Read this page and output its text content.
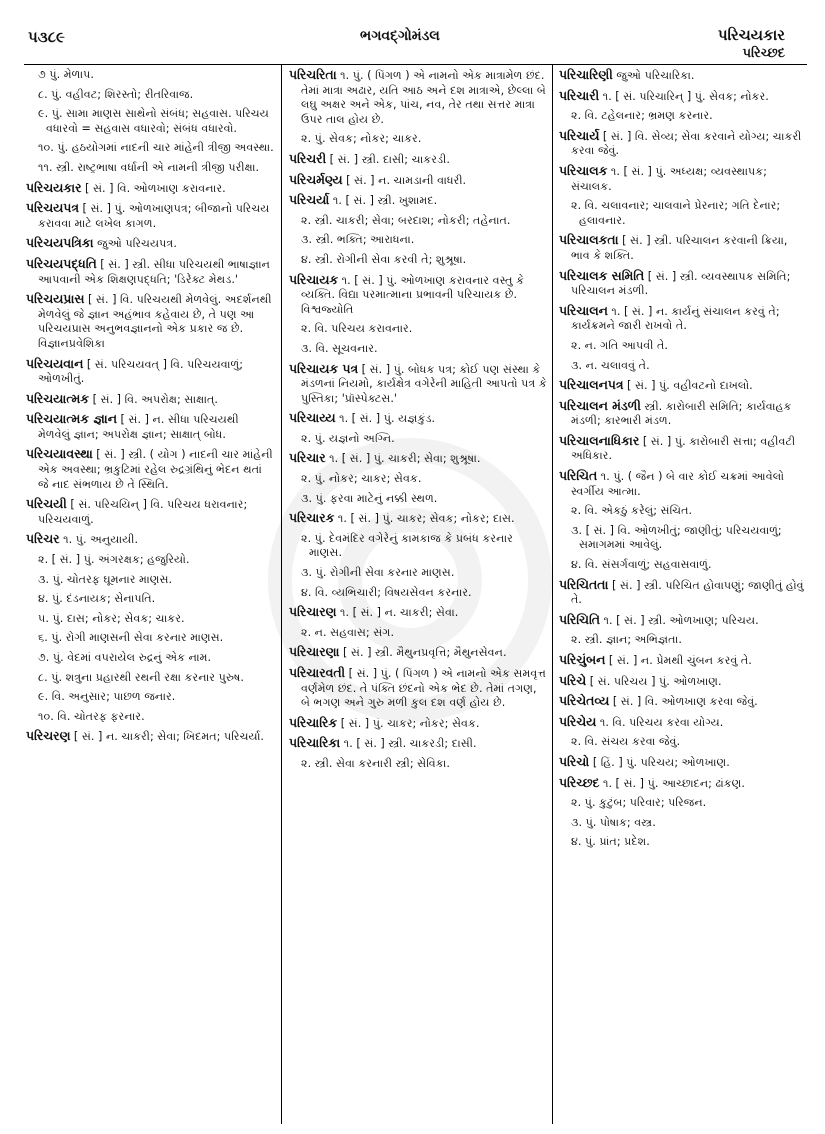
પ૩૮૯	ભગવદ્ગોમંડલ	પરિચયકાર
પરિચ્છદ
૭ પું. મેળાપ.
૮. પું. વહીવટ; શિરસ્તો; રીતરિવાજ.
૯. પું. સામા માણસ સાથેનો સંબંધ; સહવાસ. પરિચય વધારવો = સહવાસ વધારવો; સંબંધ વધારવો.
૧૦. પું. હઠયોગમાં નાદની ચાર માંહેની ત્રીજી અવસ્થા.
૧૧. સ્ત્રી. રાષ્ટ્રભાષા વર્ધાની એ નામની ત્રીજી પરીક્ષા.
પરિચયકાર [ સં. ] વિ. ઓળખાણ કરાવનાર.
પરિચયપત્ર [ સં. ] પું. ઓળખાણપત્ર; બીજાનો પરિચય કરાવવા માટે લખેલ કાગળ.
પરિચયપત્રિકા જુઓ પરિચયપત્ર.
પરિચયપદ્ધતિ [ સં. ] સ્ત્રી. સીધા પરિચયથી ભાષાજ્ઞાન આપવાની એક શિક્ષણપદ્ધતિ; 'ડિરેક્ટ મેથડ.'
પરિચયપ્રાસ [ સં. ] વિ. પરિચયથી મેળવેલું. અદર્શનથી મેળવેલું જે જ્ઞાન અહંભાવ કહેવાય છે, તે પણ આ પરિચયપ્રાસ અનુભવજ્ઞાનનો એક પ્રકાર જ છે. વિજ્ઞાનપ્રવેશિકા
પરિચયવાન [ સં. પરિચયવત્ ] વિ. પરિચયવાળું; ઓળખીતું.
પરિચયાત્મક [ સં. ] વિ. અપરોક્ષ; સાક્ષાત્.
પરિચયાત્મક જ્ઞાન [ સં. ] ન. સીધા પરિચયથી મેળવેલું જ્ઞાન; અપરોક્ષ જ્ઞાન; સાક્ષાત્ બોધ.
પરિચયાવસ્થા [ સં. ] સ્ત્રી. ( યોગ ) નાદની ચાર માંહેની એક અવસ્થા; ભ્રકુટિમાં રહેલ રુદ્રગ્રંથિનું ભેદન થતાં જે નાદ સંભળાય છે તે સ્થિતિ.
પરિચયી [ સં. પરિચયિન્ ] વિ. પરિચય ધરાવનાર; પરિચયવાળું.
પરિચર ૧. પું. અનુયાયી.
૨. [ સં. ] પું. અંગરક્ષક; હજુરિયો.
૩. પું. ચોતરફ ઘૂમનાર માણસ.
૪. પું. દંડનાયક; સેનાપતિ.
૫. પું. દાસ; નોકર; સેવક; ચાકર.
૬. પું. રોગી માણસની સેવા કરનાર માણસ.
૭. પું. વેદમાં વપરાયેલ રુદ્રનું એક નામ.
૮. પું. શત્રુના પ્રહારથી રથની રક્ષા કરનાર પુરુષ.
૯. વિ. અનુસાર; પાછળ જનાર.
૧૦. વિ. ચોતરફ ફરનાર.
પરિચરણ [ સં. ] ન. ચાકરી; સેવા; ખિદમત; પરિચર્યા.
પરિચરિતા ૧. પું. ( પિંગળ ) એ નામનો એક માત્રામેળ છંદ. તેમાં માત્રા અઢાર, યતિ આઠ અને દશ માત્રાએ, છેલ્લા બે લઘુ અક્ષર અને એક, પાંચ, નવ, તેર તથા સત્તર માત્રા ઉપર તાલ હોય છે.
૨. પું. સેવક; નોકર; ચાકર.
પરિચરી [ સં. ] સ્ત્રી. દાસી; ચાકરડી.
પરિચર્મણ્ય [ સં. ] ન. ચામડાની વાધરી.
પરિચર્યા ૧. [ સં. ] સ્ત્રી. ખુશામદ.
૨. સ્ત્રી. ચાકરી; સેવા; બરદાશ; નોકરી; તહેનાત.
૩. સ્ત્રી. ભક્તિ; આરાધના.
૪. સ્ત્રી. રોગીની સેવા કરવી તે; શુશ્રૂષા.
પરિચાયક ૧. [ સં. ] પું. ઓળખાણ કરાવનાર વસ્તુ કે વ્યક્તિ. વિદ્યા પરમાત્માના પ્રભાવની પરિચાયક છે. વિશ્વજ્યોતિ
૨. વિ. પરિચય કરાવનાર.
૩. વિ. સૂચવનાર.
પરિચાયક પત્ર [ સં. ] પું. બોધક પત્ર; કોઈ પણ સંસ્થા કે મંડળનાં નિયમો, કાર્યક્ષેત્ર વગેરેની માહિતી આપતો પત્ર કે પુસ્તિકા; 'પ્રૉસ્પેક્ટસ.'
પરિચાય્ય ૧. [ સં. ] પું. યજ્ઞકુંડ.
૨. પું. યજ્ઞનો અગ્નિ.
પરિચાર ૧. [ સં. ] પું. ચાકરી; સેવા; શુશ્રૂષા.
૨. પું. નોકર; ચાકર; સેવક.
૩. પું. ફરવા માટેનું નક્કી સ્થળ.
પરિચારક ૧. [ સં. ] પું. ચાકર; સેવક; નોકર; દાસ.
૨. પું. દેવમંદિર વગેરેનું કામકાજ કે પ્રબંધ કરનાર માણસ.
૩. પું. રોગીની સેવા કરનાર માણસ.
૪. વિ. વ્યભિચારી; વિષયસેવન કરનાર.
પરિચારણ ૧. [ સં. ] ન. ચાકરી; સેવા.
૨. ન. સહવાસ; સંગ.
પરિચારણા [ સં. ] સ્ત્રી. મૈથુનપ્રવૃત્તિ; મૈથુનસેવન.
પરિચારવતી [ સં. ] પું. ( પિંગળ ) એ નામનો એક સમવૃત્ત વર્ણમેળ છંદ. તે પંક્તિ છંદનો એક ભેદ છે. તેમાં તગણ, બે ભગણ અને ગુરુ મળી કુલ દશ વર્ણ હોય છે.
પરિચારિક [ સં. ] પું. ચાકર; નોકર; સેવક.
પરિચારિકા ૧. [ સં. ] સ્ત્રી. ચાકરડી; દાસી.
૨. સ્ત્રી. સેવા કરનારી સ્ત્રી; સેવિકા.
પરિચારિણી જુઓ પરિચારિકા.
પરિચારી ૧. [ સં. પરિચારિન્ ] પું. સેવક; નોકર.
૨. વિ. ટહેલનાર; ભ્રમણ કરનાર.
પરિચાર્ય [ સં. ] વિ. સેવ્ય; સેવા કરવાને યોગ્ય; ચાકરી કરવા જેવું.
પરિચાલક ૧. [ સં. ] પું. અધ્યક્ષ; વ્યવસ્થાપક; સંચાલક.
૨. વિ. ચલાવનાર; ચાલવાને પ્રેરનાર; ગતિ દેનાર; હલાવનાર.
પરિચાલકતા [ સં. ] સ્ત્રી. પરિચાલન કરવાની ક્રિયા, ભાવ કે શક્તિ.
પરિચાલક સમિતિ [ સં. ] સ્ત્રી. વ્યવસ્થાપક સમિતિ; પરિચાલન મંડળી.
પરિચાલન ૧. [ સં. ] ન. કાર્યનું સંચાલન કરવું તે; કાર્યક્રમને જારી રાખવો તે.
૨. ન. ગતિ આપવી તે.
૩. ન. ચલાવવું તે.
પરિચાલનપત્ર [ સં. ] પું. વહીવટનો દાખલો.
પરિચાલન મંડળી સ્ત્રી. કારોબારી સમિતિ; કાર્યવાહક મંડળી; કારભારી મંડળ.
પરિચાલનાધિકાર [ સં. ] પું. કારોબારી સત્તા; વહીવટી અધિકાર.
પરિચિત ૧. પું. ( જૈન ) બે વાર કોઈ ચક્રમાં આવેલો સ્વર્ગીય આત્મા.
૨. વિ. એકઠું કરેલું; સંચિત.
૩. [ સં. ] વિ. ઓળખીતું; જાણીતું; પરિચયવાળું; સમાગમમાં આવેલું.
૪. વિ. સંસર્ગવાળું; સહવાસવાળું.
પરિચિતતા [ સં. ] સ્ત્રી. પરિચિત હોવાપણું; જાણીતું હોવું તે.
પરિચિતિ ૧. [ સં. ] સ્ત્રી. ઓળખાણ; પરિચય.
૨. સ્ત્રી. જ્ઞાન; અભિજ્ઞતા.
પરિચુંબન [ સં. ] ન. પ્રેમથી ચુંબન કરવું તે.
પરિચે [ સં. પરિચય ] પું. ઓળખાણ.
પરિચેતવ્ય [ સં. ] વિ. ઓળખાણ કરવા જેવું.
પરિચેય ૧. વિ. પરિચય કરવા યોગ્ય.
૨. વિ. સંચય કરવા જેવું.
પરિચો [ હિં. ] પું. પરિચય; ઓળખાણ.
પરિચ્છદ ૧. [ સં. ] પું. આચ્છાદન; ઢાંકણ.
૨. પું. કુટુંબ; પરિવાર; પરિજન.
૩. પું. પોષાક; વસ્ત્ર.
૪. પું. પ્રાંત; પ્રદેશ.
